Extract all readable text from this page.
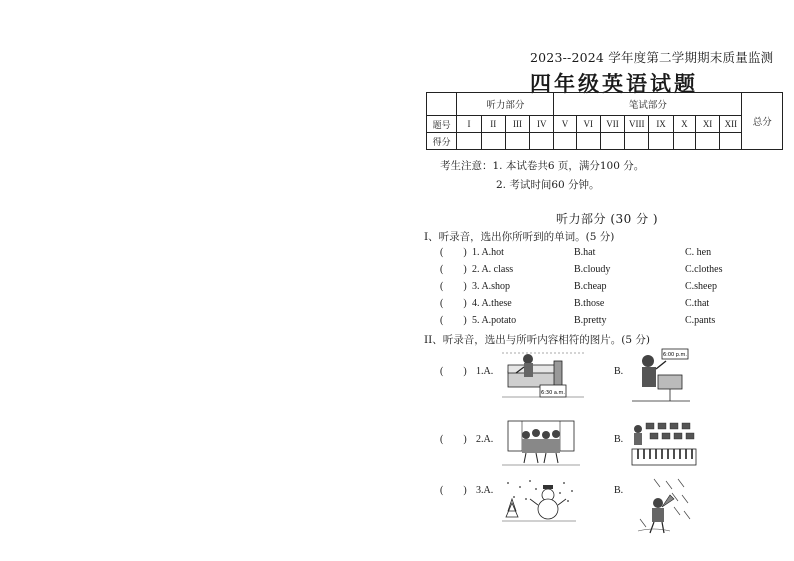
2023--2024 学年度第二学期期末质量监测
四年级英语试题
	听力部分				笔试部分								总分
题号	I	II	III	IV	V	VI	VII	VIII	IX	X	XI	XII	
得分													
考生注意：1. 本试卷共6 页，满分100 分。
2. 考试时间60 分钟。
听力部分 (30 分 )
I、听录音，选出你所听到的单词。(5 分)
(        ) 1. A.hot	B.hat	C. hen
(        ) 2. A. class	B.cloudy	C.clothes
(        ) 3. A.shop	B.cheap	C.sheep
(        ) 4. A.these	B.those	C.that
(        ) 5. A.potato	B.pretty	C.pants
II、听录音，选出与所听内容相符的图片。(5 分)
(        ) 1.A.	B.
6:30 a.m.
6:00 p.m.
(        ) 2.A.	B.
(        ) 3.A.	B.
